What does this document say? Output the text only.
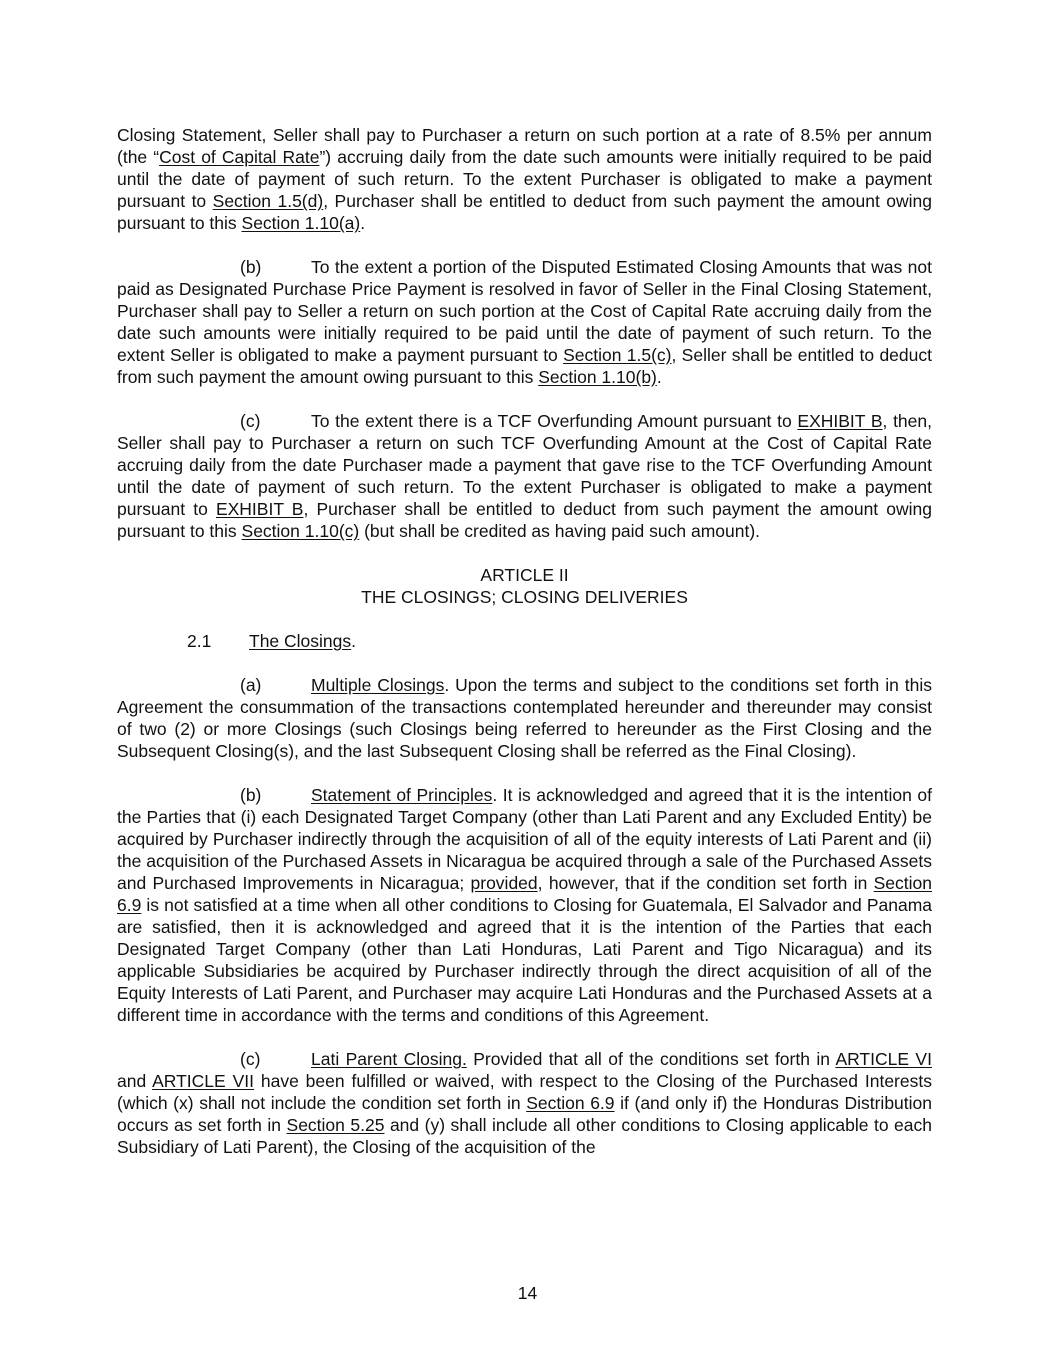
Closing Statement, Seller shall pay to Purchaser a return on such portion at a rate of 8.5% per annum (the “Cost of Capital Rate”) accruing daily from the date such amounts were initially required to be paid until the date of payment of such return. To the extent Purchaser is obligated to make a payment pursuant to Section 1.5(d), Purchaser shall be entitled to deduct from such payment the amount owing pursuant to this Section 1.10(a).

(b)	To the extent a portion of the Disputed Estimated Closing Amounts that was not paid as Designated Purchase Price Payment is resolved in favor of Seller in the Final Closing Statement, Purchaser shall pay to Seller a return on such portion at the Cost of Capital Rate accruing daily from the date such amounts were initially required to be paid until the date of payment of such return. To the extent Seller is obligated to make a payment pursuant to Section 1.5(c), Seller shall be entitled to deduct from such payment the amount owing pursuant to this Section 1.10(b).

(c)	To the extent there is a TCF Overfunding Amount pursuant to EXHIBIT B, then, Seller shall pay to Purchaser a return on such TCF Overfunding Amount at the Cost of Capital Rate accruing daily from the date Purchaser made a payment that gave rise to the TCF Overfunding Amount until the date of payment of such return. To the extent Purchaser is obligated to make a payment pursuant to EXHIBIT B, Purchaser shall be entitled to deduct from such payment the amount owing pursuant to this Section 1.10(c) (but shall be credited as having paid such amount).

ARTICLE II

THE CLOSINGS; CLOSING DELIVERIES

2.1 The Closings.

(a)	Multiple Closings. Upon the terms and subject to the conditions set forth in this Agreement the consummation of the transactions contemplated hereunder and thereunder may consist of two (2) or more Closings (such Closings being referred to hereunder as the First Closing and the Subsequent Closing(s), and the last Subsequent Closing shall be referred as the Final Closing).

(b)	Statement of Principles. It is acknowledged and agreed that it is the intention of the Parties that (i) each Designated Target Company (other than Lati Parent and any Excluded Entity) be acquired by Purchaser indirectly through the acquisition of all of the equity interests of Lati Parent and (ii) the acquisition of the Purchased Assets in Nicaragua be acquired through a sale of the Purchased Assets and Purchased Improvements in Nicaragua; provided, however, that if the condition set forth in Section 6.9 is not satisfied at a time when all other conditions to Closing for Guatemala, El Salvador and Panama are satisfied, then it is acknowledged and agreed that it is the intention of the Parties that each Designated Target Company (other than Lati Honduras, Lati Parent and Tigo Nicaragua) and its applicable Subsidiaries be acquired by Purchaser indirectly through the direct acquisition of all of the Equity Interests of Lati Parent, and Purchaser may acquire Lati Honduras and the Purchased Assets at a different time in accordance with the terms and conditions of this Agreement.

(c)	Lati Parent Closing. Provided that all of the conditions set forth in ARTICLE VI and ARTICLE VII have been fulfilled or waived, with respect to the Closing of the Purchased Interests (which (x) shall not include the condition set forth in Section 6.9 if (and only if) the Honduras Distribution occurs as set forth in Section 5.25 and (y) shall include all other conditions to Closing applicable to each Subsidiary of Lati Parent), the Closing of the acquisition of the

14
